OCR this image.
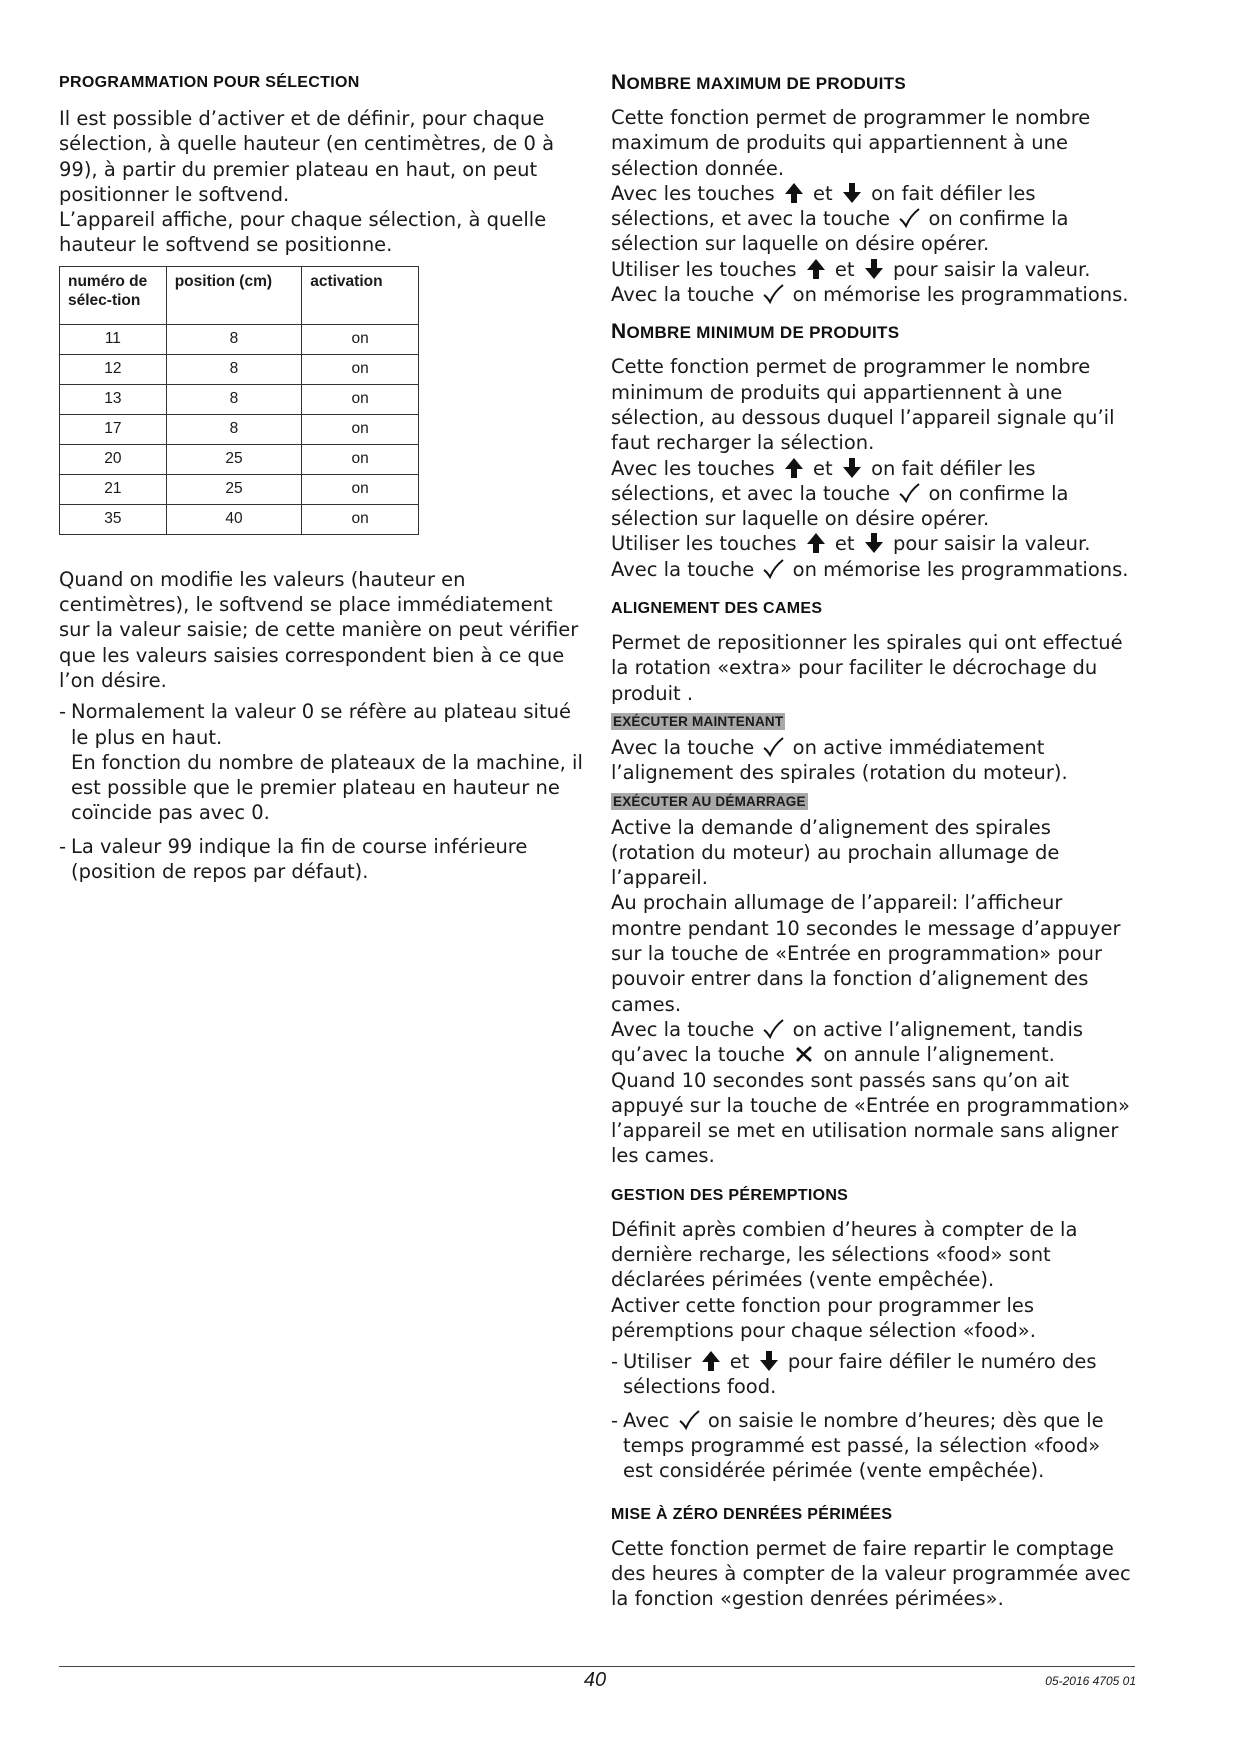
PROGRAMMATION POUR SÉLECTION

Il est possible d’activer et de définir, pour chaque sélection, à quelle hauteur (en centimètres, de 0 à 99), à partir du premier plateau en haut, on peut positionner le softvend.

L’appareil affiche, pour chaque sélection, à quelle hauteur le softvend se positionne.

numéro de sélec-tion	position (cm)	activation
11	8	on
12	8	on
13	8	on
17	8	on
20	25	on
21	25	on
35	40	on

Quand on modifie les valeurs (hauteur en centimètres), le softvend se place immédiatement sur la valeur saisie; de cette manière on peut vérifier que les valeurs saisies correspondent bien à ce que l’on désire.

- Normalement la valeur 0 se réfère au plateau situé le plus en haut.
En fonction du nombre de plateaux de la machine, il est possible que le premier plateau en hauteur ne coïncide pas avec 0.
- La valeur 99 indique la fin de course inférieure (position de repos par défaut).
NOMBRE MAXIMUM DE PRODUITS

Cette fonction permet de programmer le nombre maximum de produits qui appartiennent à une sélection donnée.

Avec les touches et on fait défiler les sélections, et avec la touche on confirme la sélection sur laquelle on désire opérer.

Utiliser les touches et pour saisir la valeur.

Avec la touche on mémorise les programmations.

NOMBRE MINIMUM DE PRODUITS

Cette fonction permet de programmer le nombre minimum de produits qui appartiennent à une sélection, au dessous duquel l’appareil signale qu’il faut recharger la sélection.

Avec les touches et on fait défiler les sélections, et avec la touche on confirme la sélection sur laquelle on désire opérer.

Utiliser les touches et pour saisir la valeur.

Avec la touche on mémorise les programmations.

ALIGNEMENT DES CAMES

Permet de repositionner les spirales qui ont effectué la rotation «extra» pour faciliter le décrochage du produit .

EXÉCUTER MAINTENANT

Avec la touche on active immédiatement l’alignement des spirales (rotation du moteur).

EXÉCUTER AU DÉMARRAGE

Active la demande d’alignement des spirales (rotation du moteur) au prochain allumage de l’appareil.

Au prochain allumage de l’appareil: l’afficheur montre pendant 10 secondes le message d’appuyer sur la touche de «Entrée en programmation» pour pouvoir entrer dans la fonction d’alignement des cames.

Avec la touche on active l’alignement, tandis qu’avec la touche on annule l’alignement.

Quand 10 secondes sont passés sans qu’on ait appuyé sur la touche de «Entrée en programmation» l’appareil se met en utilisation normale sans aligner les cames.

GESTION DES PÉREMPTIONS

Définit après combien d’heures à compter de la dernière recharge, les sélections «food» sont déclarées périmées (vente empêchée).

Activer cette fonction pour programmer les péremptions pour chaque sélection «food».

- Utiliser et pour faire défiler le numéro des sélections food.
- Avec on saisie le nombre d’heures; dès que le temps programmé est passé, la sélection «food» est considérée périmée (vente empêchée).
MISE À ZÉRO DENRÉES PÉRIMÉES

Cette fonction permet de faire repartir le comptage des heures à compter de la valeur programmée avec la fonction «gestion denrées périmées».

40	05-2016 4705 01
